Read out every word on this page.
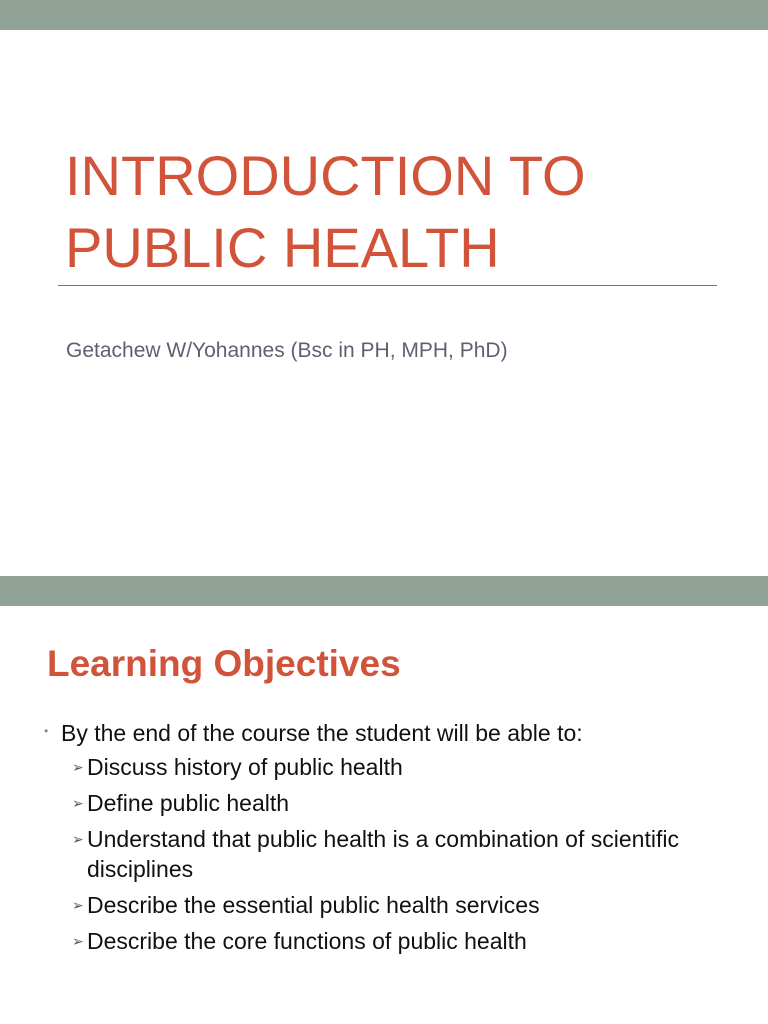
INTRODUCTION TO
PUBLIC HEALTH

Getachew W/Yohannes (Bsc in PH, MPH, PhD)

Learning Objectives
• By the end of the course the student will be able to:
➢ Discuss history of public health
➢ Define public health
➢ Understand that public health is a combination of scientific disciplines
➢ Describe the essential public health services
➢ Describe the core functions of public health
